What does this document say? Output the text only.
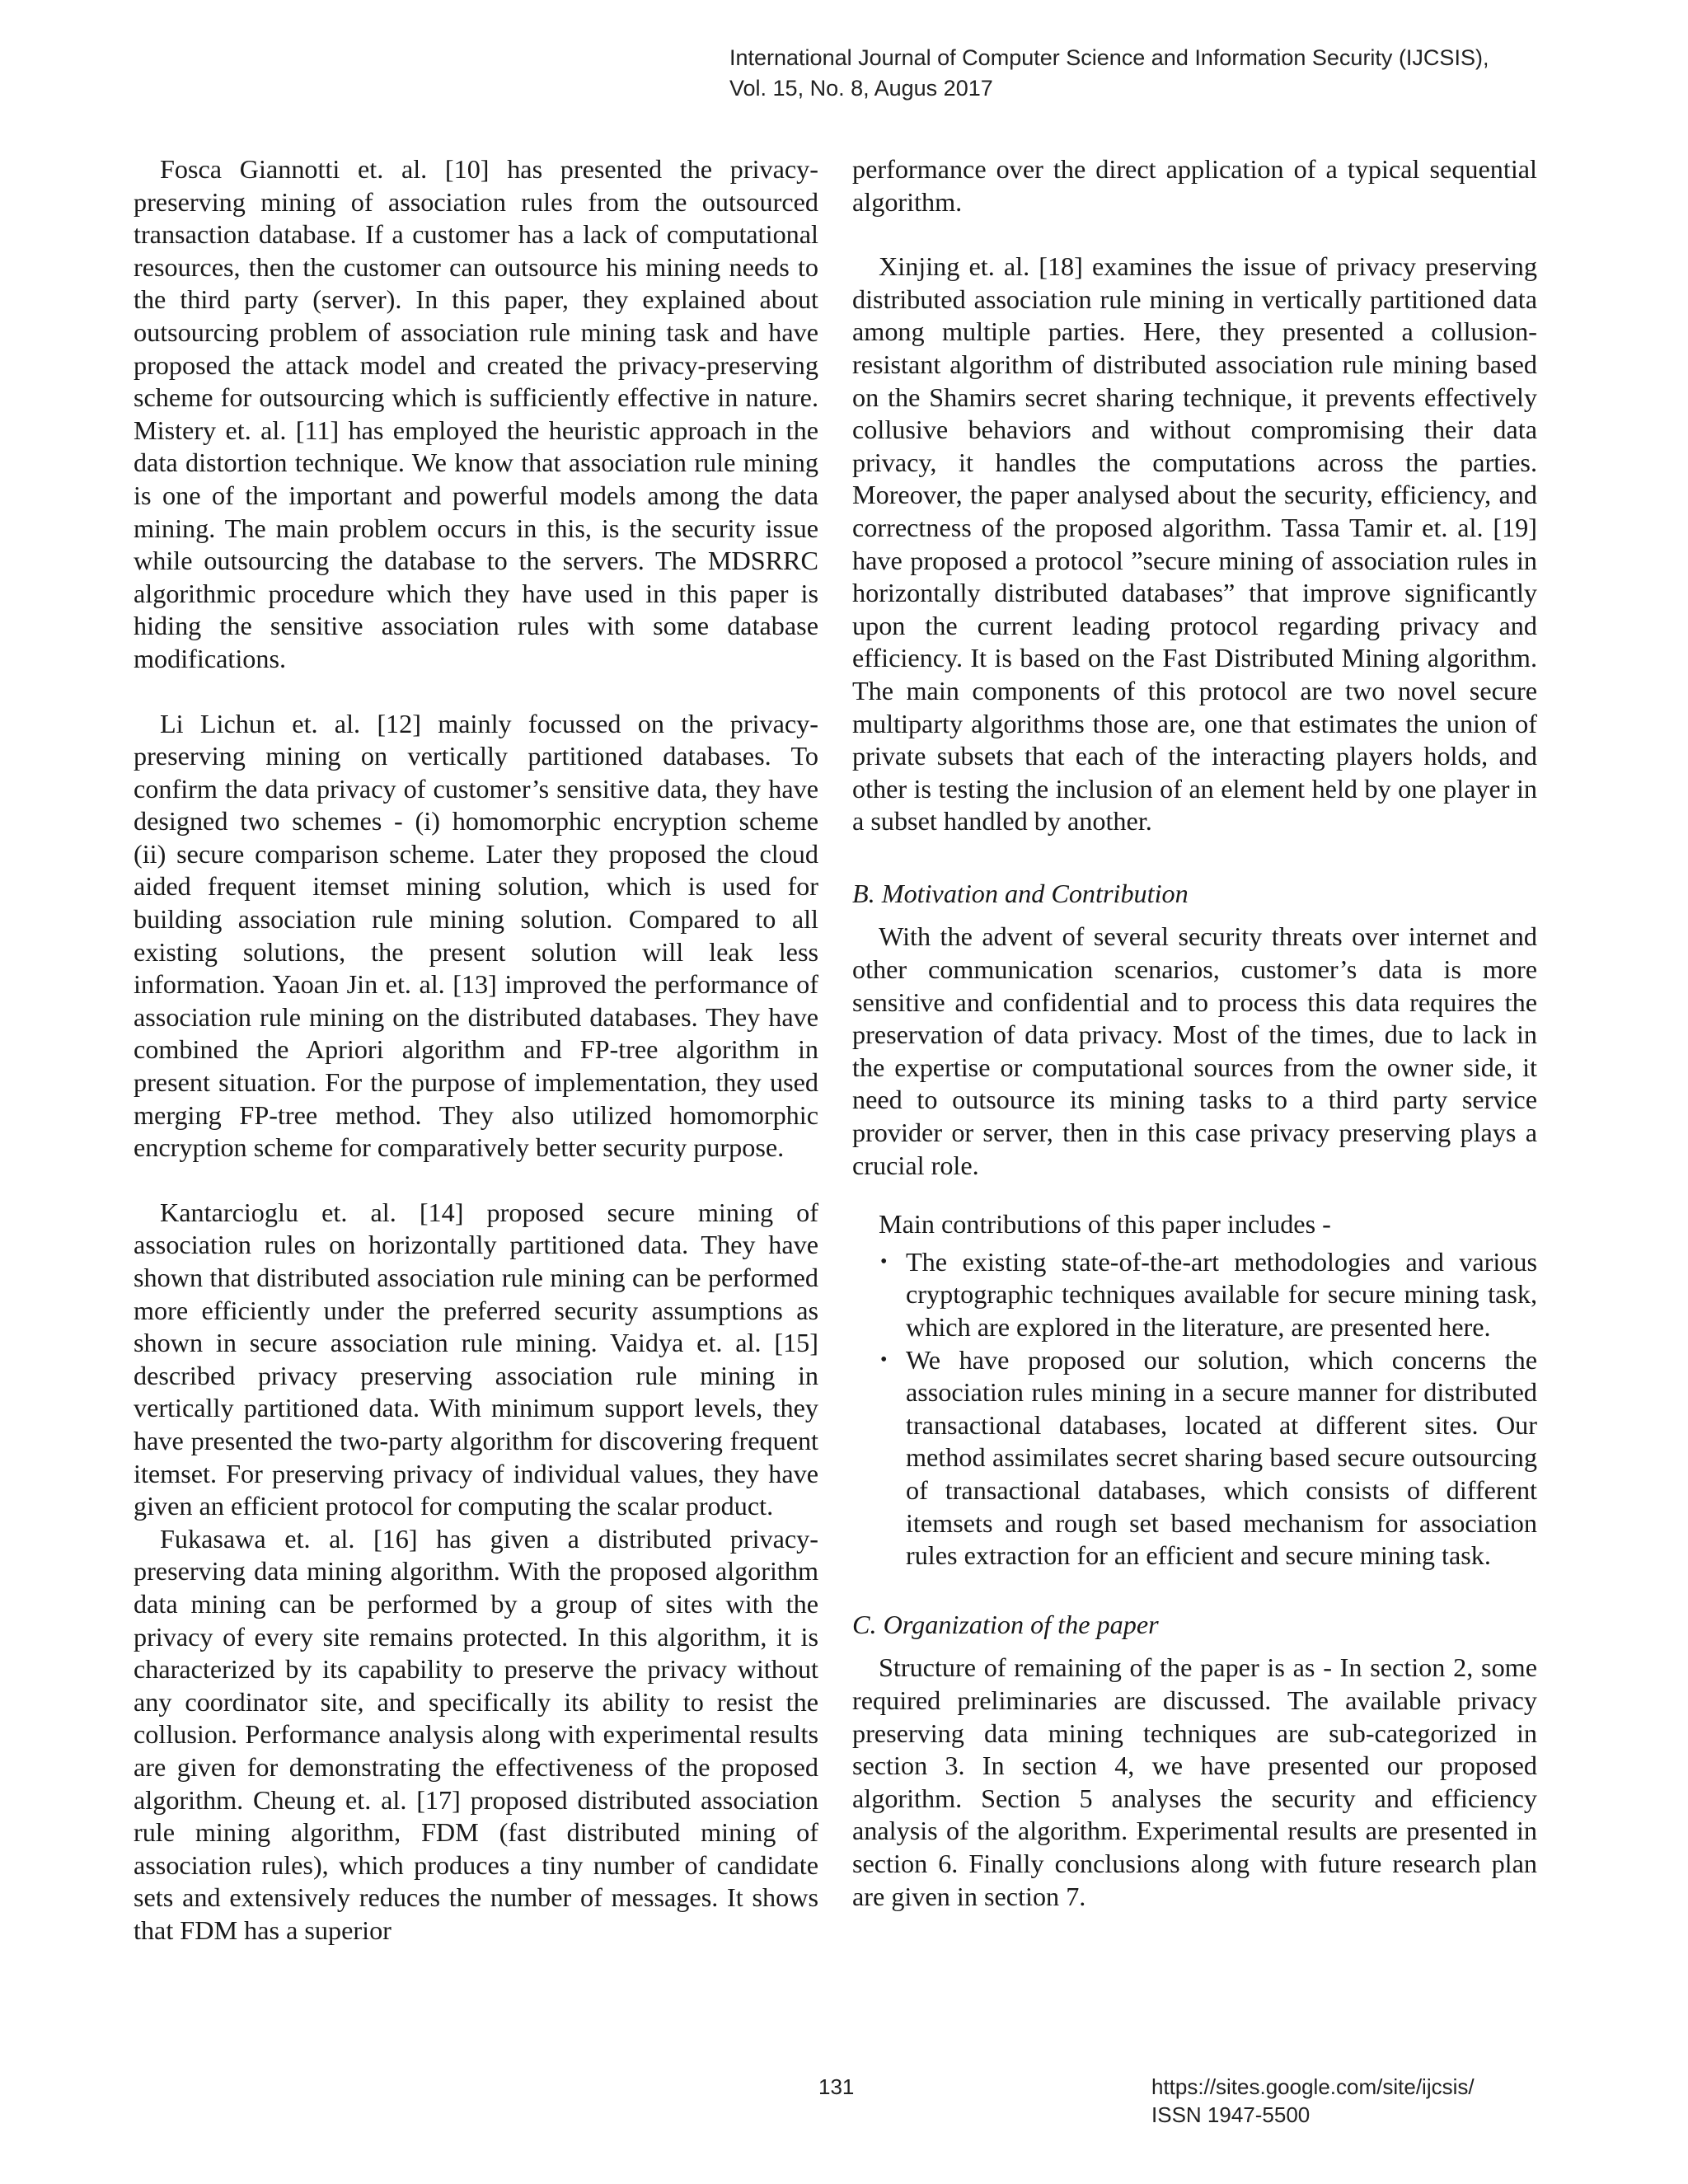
International Journal of Computer Science and Information Security (IJCSIS),
Vol. 15, No. 8, Augus 2017

Fosca Giannotti et. al. [10] has presented the privacy-preserving mining of association rules from the outsourced transaction database. If a customer has a lack of computational resources, then the customer can outsource his mining needs to the third party (server). In this paper, they explained about outsourcing problem of association rule mining task and have proposed the attack model and created the privacy-preserving scheme for outsourcing which is sufficiently effective in nature. Mistery et. al. [11] has employed the heuristic approach in the data distortion technique. We know that association rule mining is one of the important and powerful models among the data mining. The main problem occurs in this, is the security issue while outsourcing the database to the servers. The MDSRRC algorithmic procedure which they have used in this paper is hiding the sensitive association rules with some database modifications.

Li Lichun et. al. [12] mainly focussed on the privacy-preserving mining on vertically partitioned databases. To confirm the data privacy of customer’s sensitive data, they have designed two schemes - (i) homomorphic encryption scheme (ii) secure comparison scheme. Later they proposed the cloud aided frequent itemset mining solution, which is used for building association rule mining solution. Compared to all existing solutions, the present solution will leak less information. Yaoan Jin et. al. [13] improved the performance of association rule mining on the distributed databases. They have combined the Apriori algorithm and FP-tree algorithm in present situation. For the purpose of implementation, they used merging FP-tree method. They also utilized homomorphic encryption scheme for comparatively better security purpose.

Kantarcioglu et. al. [14] proposed secure mining of association rules on horizontally partitioned data. They have shown that distributed association rule mining can be performed more efficiently under the preferred security assumptions as shown in secure association rule mining. Vaidya et. al. [15] described privacy preserving association rule mining in vertically partitioned data. With minimum support levels, they have presented the two-party algorithm for discovering frequent itemset. For preserving privacy of individual values, they have given an efficient protocol for computing the scalar product.

Fukasawa et. al. [16] has given a distributed privacy-preserving data mining algorithm. With the proposed algorithm data mining can be performed by a group of sites with the privacy of every site remains protected. In this algorithm, it is characterized by its capability to preserve the privacy without any coordinator site, and specifically its ability to resist the collusion. Performance analysis along with experimental results are given for demonstrating the effectiveness of the proposed algorithm. Cheung et. al. [17] proposed distributed association rule mining algorithm, FDM (fast distributed mining of association rules), which produces a tiny number of candidate sets and extensively reduces the number of messages. It shows that FDM has a superior

performance over the direct application of a typical sequential algorithm.

Xinjing et. al. [18] examines the issue of privacy preserving distributed association rule mining in vertically partitioned data among multiple parties. Here, they presented a collusion-resistant algorithm of distributed association rule mining based on the Shamirs secret sharing technique, it prevents effectively collusive behaviors and without compromising their data privacy, it handles the computations across the parties. Moreover, the paper analysed about the security, efficiency, and correctness of the proposed algorithm. Tassa Tamir et. al. [19] have proposed a protocol ”secure mining of association rules in horizontally distributed databases” that improve significantly upon the current leading protocol regarding privacy and efficiency. It is based on the Fast Distributed Mining algorithm. The main components of this protocol are two novel secure multiparty algorithms those are, one that estimates the union of private subsets that each of the interacting players holds, and other is testing the inclusion of an element held by one player in a subset handled by another.

B. Motivation and Contribution

With the advent of several security threats over internet and other communication scenarios, customer’s data is more sensitive and confidential and to process this data requires the preservation of data privacy. Most of the times, due to lack in the expertise or computational sources from the owner side, it need to outsource its mining tasks to a third party service provider or server, then in this case privacy preserving plays a crucial role.

Main contributions of this paper includes -

• The existing state-of-the-art methodologies and various cryptographic techniques available for secure mining task, which are explored in the literature, are presented here.
• We have proposed our solution, which concerns the association rules mining in a secure manner for distributed transactional databases, located at different sites. Our method assimilates secret sharing based secure outsourcing of transactional databases, which consists of different itemsets and rough set based mechanism for association rules extraction for an efficient and secure mining task.
C. Organization of the paper

Structure of remaining of the paper is as - In section 2, some required preliminaries are discussed. The available privacy preserving data mining techniques are sub-categorized in section 3. In section 4, we have presented our proposed algorithm. Section 5 analyses the security and efficiency analysis of the algorithm. Experimental results are presented in section 6. Finally conclusions along with future research plan are given in section 7.

131	https://sites.google.com/site/ijcsis/
ISSN 1947-5500
